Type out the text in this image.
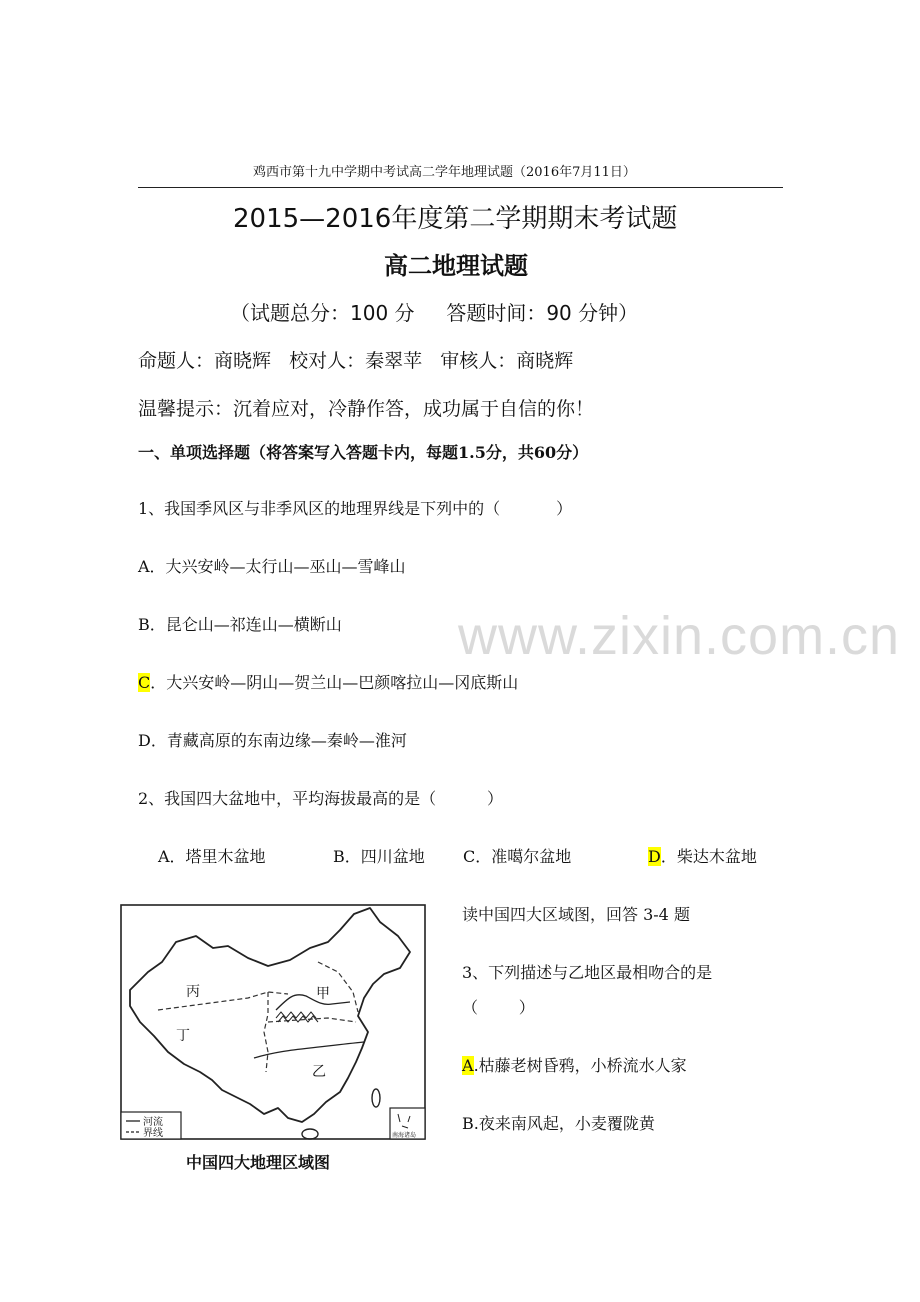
鸡西市第十九中学期中考试高二学年地理试题（2016年7月11日）
2015—2016年度第二学期期末考试题
高二地理试题
（试题总分：100 分     答题时间：90 分钟）
命题人：商晓辉   校对人：秦翠苹   审核人：商晓辉
温馨提示：沉着应对，冷静作答，成功属于自信的你！
一、单项选择题（将答案写入答题卡内，每题1.5分，共60分）
1、我国季风区与非季风区的地理界线是下列中的（           ）
A．大兴安岭—太行山—巫山—雪峰山
B．昆仑山—祁连山—横断山
C．大兴安岭—阴山—贺兰山—巴颜喀拉山—冈底斯山
D．青藏高原的东南边缘—秦岭—淮河
www.zixin.com.cn
2、我国四大盆地中，平均海拔最高的是（          ）
A．塔里木盆地	B．四川盆地 C．准噶尔盆地	D．柴达木盆地
丙	甲
丁
乙
河流
界线	南海诸岛
中国四大地理区域图
读中国四大区域图，回答 3-4 题
3、下列描述与乙地区最相吻合的是
（        ）
A.枯藤老树昏鸦，小桥流水人家
B.夜来南风起，小麦覆陇黄
